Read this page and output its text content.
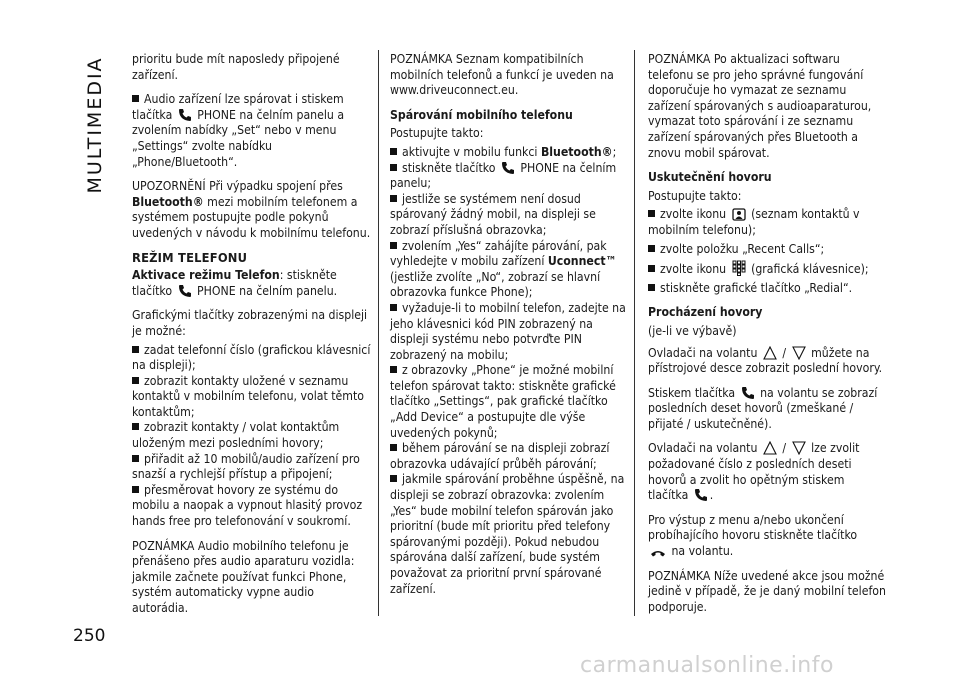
MULTIMEDIA
250

prioritu bude mít naposledy připojené zařízení.

Audio zařízení lze spárovat i stiskem tlačítka PHONE na čelním panelu a zvolením nabídky „Set“ nebo v menu „Settings“ zvolte nabídku „Phone/Bluetooth“.

UPOZORNĚNÍ Při výpadku spojení přes Bluetooth® mezi mobilním telefonem a systémem postupujte podle pokynů uvedených v návodu k mobilnímu telefonu.

REŽIM TELEFONU

Aktivace režimu Telefon: stiskněte tlačítko PHONE na čelním panelu.

Grafickými tlačítky zobrazenými na displeji je možné:

zadat telefonní číslo (grafickou klávesnicí na displeji);
zobrazit kontakty uložené v seznamu kontaktů v mobilním telefonu, volat těmto kontaktům;
zobrazit kontakty / volat kontaktům uloženým mezi posledními hovory;
přiřadit až 10 mobilů/audio zařízení pro snazší a rychlejší přístup a připojení;
přesměrovat hovory ze systému do mobilu a naopak a vypnout hlasitý provoz hands free pro telefonování v soukromí.

POZNÁMKA Audio mobilního telefonu je přenášeno přes audio aparaturu vozidla: jakmile začnete používat funkci Phone, systém automaticky vypne audio autorádia.

POZNÁMKA Seznam kompatibilních mobilních telefonů a funkcí je uveden na www.driveuconnect.eu.

Spárování mobilního telefonu

Postupujte takto:

aktivujte v mobilu funkci Bluetooth®;
stiskněte tlačítko PHONE na čelním panelu;
jestliže se systémem není dosud spárovaný žádný mobil, na displeji se zobrazí příslušná obrazovka;
zvolením „Yes“ zahájíte párování, pak vyhledejte v mobilu zařízení Uconnect™ (jestliže zvolíte „No“, zobrazí se hlavní obrazovka funkce Phone);
vyžaduje-li to mobilní telefon, zadejte na jeho klávesnici kód PIN zobrazený na displeji systému nebo potvrďte PIN zobrazený na mobilu;
z obrazovky „Phone“ je možné mobilní telefon spárovat takto: stiskněte grafické tlačítko „Settings“, pak grafické tlačítko „Add Device“ a postupujte dle výše uvedených pokynů;
během párování se na displeji zobrazí obrazovka udávající průběh párování;
jakmile spárování proběhne úspěšně, na displeji se zobrazí obrazovka: zvolením „Yes“ bude mobilní telefon spárován jako prioritní (bude mít prioritu před telefony spárovanými později). Pokud nebudou spárována další zařízení, bude systém považovat za prioritní první spárované zařízení.

POZNÁMKA Po aktualizaci softwaru telefonu se pro jeho správné fungování doporučuje ho vymazat ze seznamu zařízení spárovaných s audioaparaturou, vymazat toto spárování i ze seznamu zařízení spárovaných přes Bluetooth a znovu mobil spárovat.

Uskutečnění hovoru

Postupujte takto:

zvolte ikonu (seznam kontaktů v mobilním telefonu);
zvolte položku „Recent Calls“;
zvolte ikonu (grafická klávesnice);
stiskněte grafické tlačítko „Redial“.
Procházení hovory

(je-li ve výbavě)

Ovladači na volantu / můžete na přístrojové desce zobrazit poslední hovory.

Stiskem tlačítka na volantu se zobrazí posledních deset hovorů (zmeškané / přijaté / uskutečněné).

Ovladači na volantu / lze zvolit požadované číslo z posledních deseti hovorů a zvolit ho opětným stiskem tlačítka .

Pro výstup z menu a/nebo ukončení probíhajícího hovoru stiskněte tlačítko
na volantu.

POZNÁMKA Níže uvedené akce jsou možné jedině v případě, že je daný mobilní telefon podporuje.

carmanualsonline.info
